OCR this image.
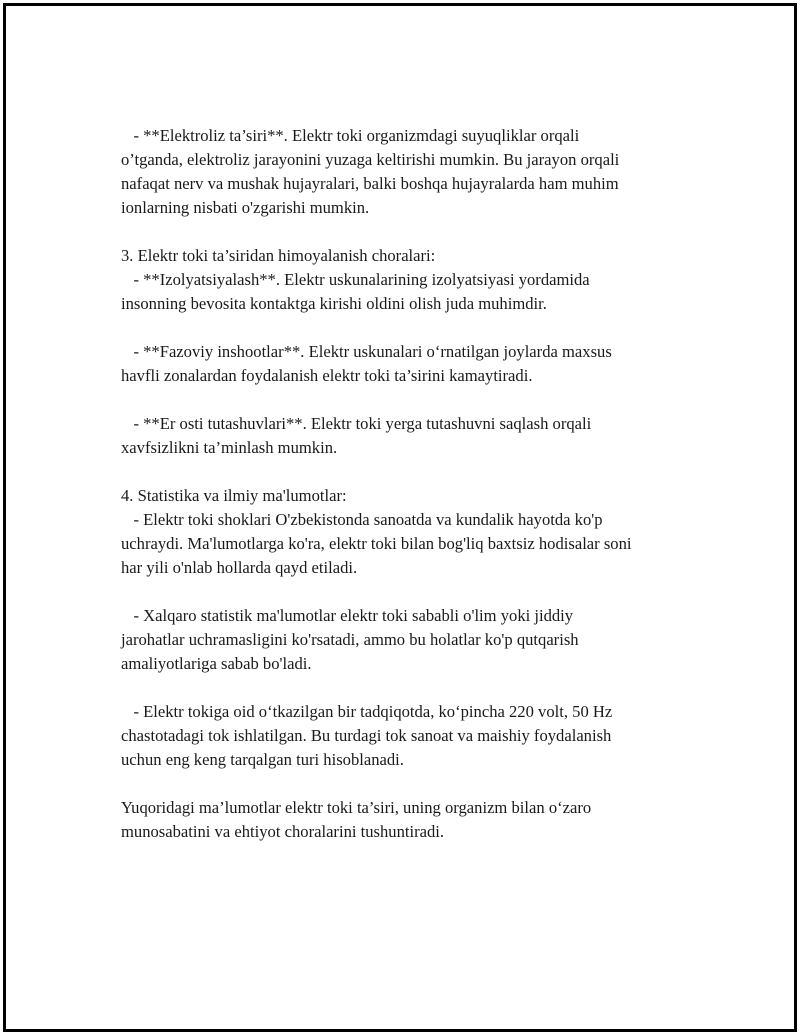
- **Elektroliz ta’siri**. Elektr toki organizmdagi suyuqliklar orqali
o’tganda, elektroliz jarayonini yuzaga keltirishi mumkin. Bu jarayon orqali
nafaqat nerv va mushak hujayralari, balki boshqa hujayralarda ham muhim
ionlarning nisbati o'zgarishi mumkin.
3. Elektr toki ta’siridan himoyalanish choralari:
- **Izolyatsiyalash**. Elektr uskunalarining izolyatsiyasi yordamida
insonning bevosita kontaktga kirishi oldini olish juda muhimdir.
- **Fazoviy inshootlar**. Elektr uskunalari o‘rnatilgan joylarda maxsus
havfli zonalardan foydalanish elektr toki ta’sirini kamaytiradi.
- **Er osti tutashuvlari**. Elektr toki yerga tutashuvni saqlash orqali
xavfsizlikni ta’minlash mumkin.
4. Statistika va ilmiy ma'lumotlar:
- Elektr toki shoklari O'zbekistonda sanoatda va kundalik hayotda ko'p
uchraydi. Ma'lumotlarga ko'ra, elektr toki bilan bog'liq baxtsiz hodisalar soni
har yili o'nlab hollarda qayd etiladi.
- Xalqaro statistik ma'lumotlar elektr toki sababli o'lim yoki jiddiy
jarohatlar uchramasligini ko'rsatadi, ammo bu holatlar ko'p qutqarish
amaliyotlariga sabab bo'ladi.
- Elektr tokiga oid o‘tkazilgan bir tadqiqotda, ko‘pincha 220 volt, 50 Hz
chastotadagi tok ishlatilgan. Bu turdagi tok sanoat va maishiy foydalanish
uchun eng keng tarqalgan turi hisoblanadi.
Yuqoridagi ma’lumotlar elektr toki ta’siri, uning organizm bilan o‘zaro
munosabatini va ehtiyot choralarini tushuntiradi.
